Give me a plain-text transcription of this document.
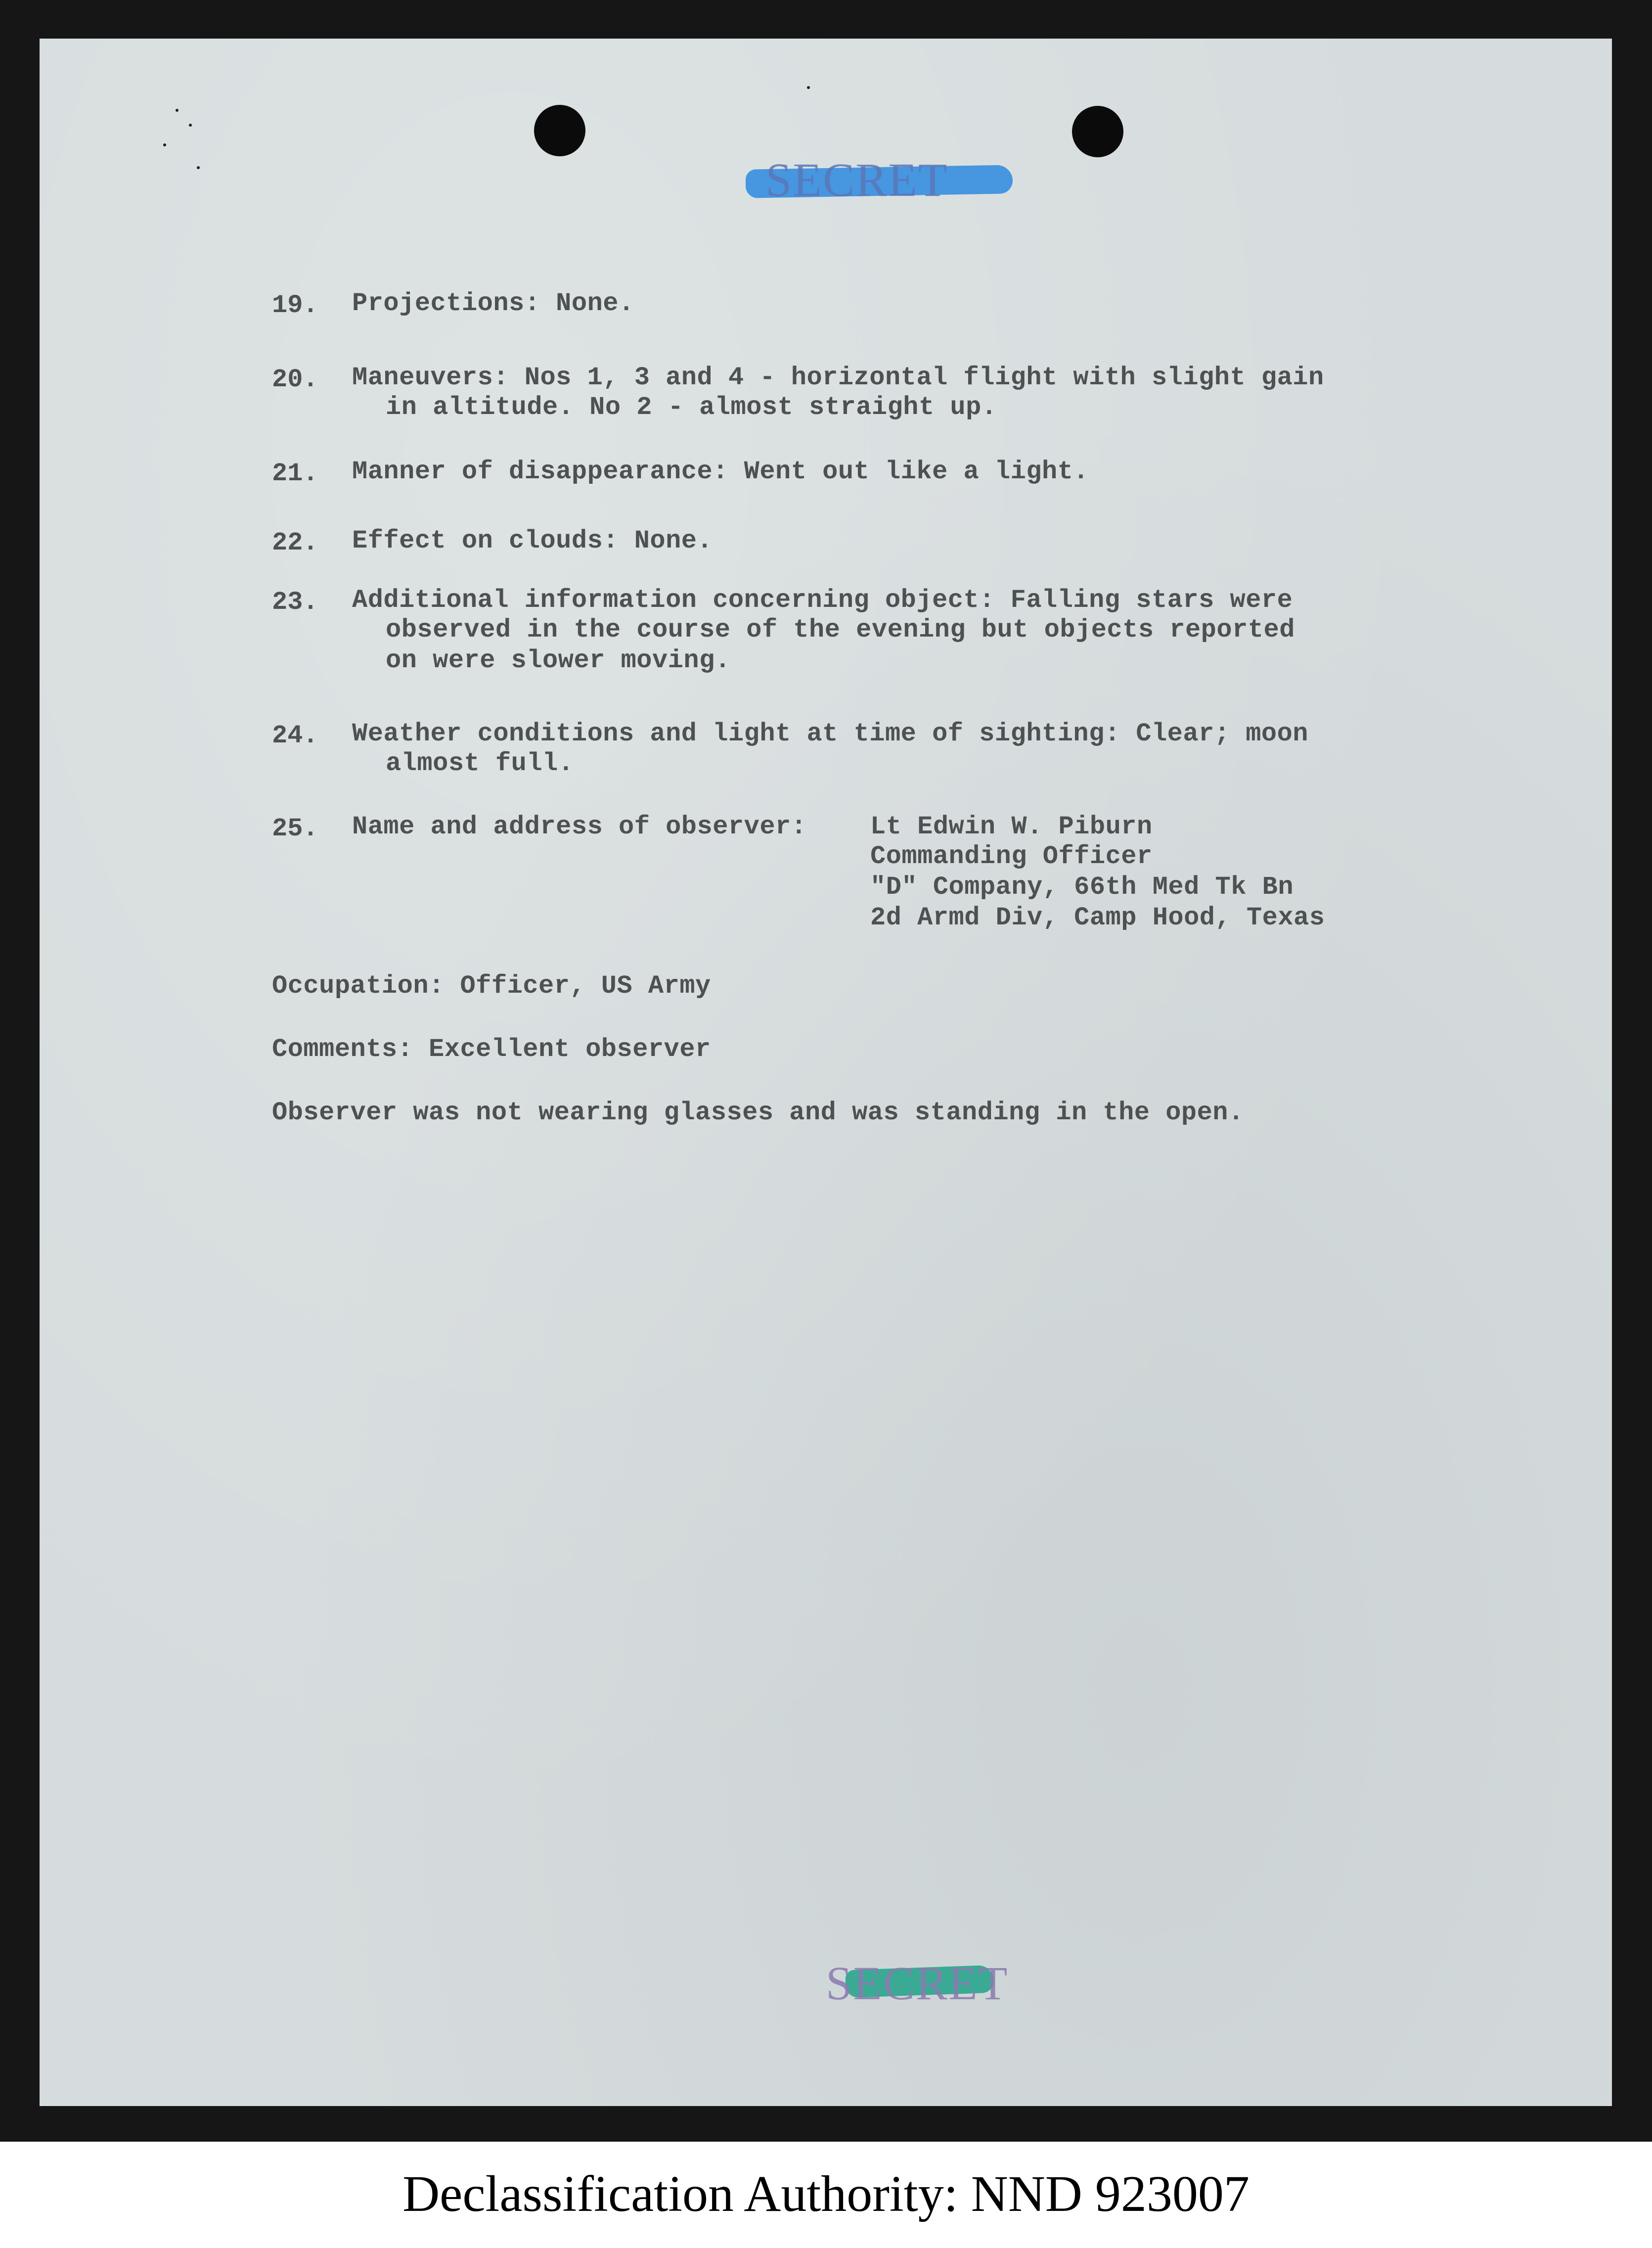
SECRET
19. Projections: None.
20. Maneuvers: Nos 1, 3 and 4 - horizontal flight with slight gain
in altitude. No 2 - almost straight up.
21. Manner of disappearance: Went out like a light.
22. Effect on clouds: None.
23. Additional information concerning object: Falling stars were
observed in the course of the evening but objects reported
on were slower moving.
24. Weather conditions and light at time of sighting: Clear; moon
almost full.
25. Name and address of observer: Lt Edwin W. Piburn
Commanding Officer
"D" Company, 66th Med Tk Bn
2d Armd Div, Camp Hood, Texas
Occupation: Officer, US Army
Comments: Excellent observer
Observer was not wearing glasses and was standing in the open.
SECRET
Declassification Authority: NND 923007
